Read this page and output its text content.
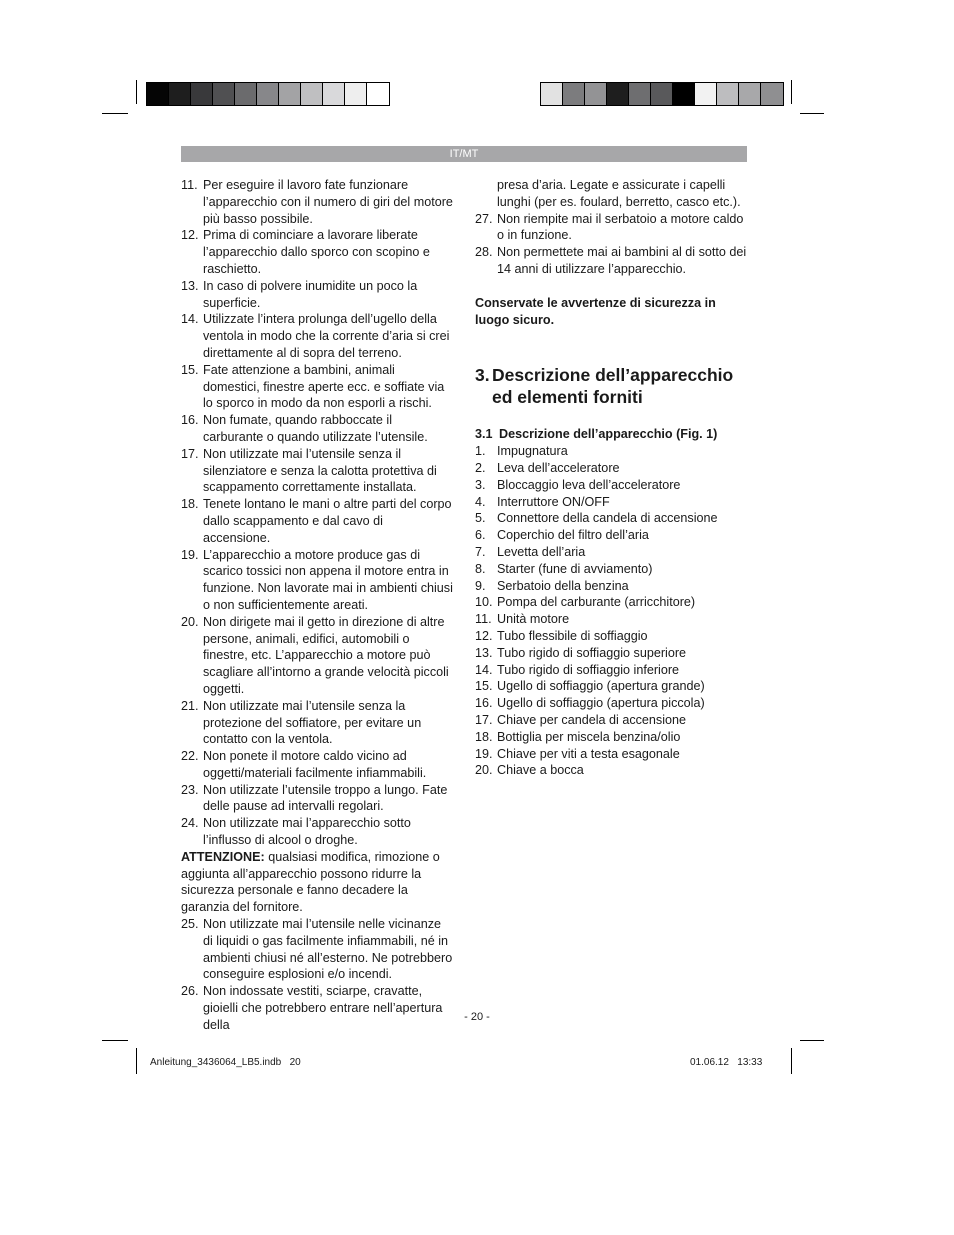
IT/MT
11. Per eseguire il lavoro fate funzionare l’apparecchio con il numero di giri del motore più basso possibile.
12. Prima di cominciare a lavorare liberate l’apparecchio dallo sporco con scopino e raschietto.
13. In caso di polvere inumidite un poco la superficie.
14. Utilizzate l’intera prolunga dell’ugello della ventola in modo che la corrente d’aria si crei direttamente al di sopra del terreno.
15. Fate attenzione a bambini, animali domestici, finestre aperte ecc. e soffiate via lo sporco in modo da non esporli a rischi.
16. Non fumate, quando rabboccate il carburante o quando utilizzate l’utensile.
17. Non utilizzate mai l’utensile senza il silenziatore e senza la calotta protettiva di scappamento correttamente installata.
18. Tenete lontano le mani o altre parti del corpo dallo scappamento e dal cavo di accensione.
19. L’apparecchio a motore produce gas di scarico tossici non appena il motore entra in funzione. Non lavorate mai in ambienti chiusi o non sufficientemente areati.
20. Non dirigete mai il getto in direzione di altre persone, animali, edifici, automobili o finestre, etc. L’apparecchio a motore può scagliare all’intorno a grande velocità piccoli oggetti.
21. Non utilizzate mai l’utensile senza la protezione del soffiatore, per evitare un contatto con la ventola.
22. Non ponete il motore caldo vicino ad oggetti/materiali facilmente infiammabili.
23. Non utilizzate l’utensile troppo a lungo. Fate delle pause ad intervalli regolari.
24. Non utilizzate mai l’apparecchio sotto l’influsso di alcool o droghe.

ATTENZIONE: qualsiasi modifica, rimozione o aggiunta all’apparecchio possono ridurre la sicurezza personale e fanno decadere la garanzia del fornitore.

25. Non utilizzate mai l’utensile nelle vicinanze di liquidi o gas facilmente infiammabili, né in ambienti chiusi né all’esterno. Ne potrebbero conseguire esplosioni e/o incendi.
26. Non indossate vestiti, sciarpe, cravatte, gioielli che potrebbero entrare nell’apertura della
presa d’aria. Legate e assicurate i capelli lunghi (per es. foulard, berretto, casco etc.).
27. Non riempite mai il serbatoio a motore caldo o in funzione.
28. Non permettete mai ai bambini al di sotto dei 14 anni di utilizzare l’apparecchio.

Conservate le avvertenze di sicurezza in luogo sicuro.

3. Descrizione dell’apparecchio ed elementi forniti
3.1 Descrizione dell’apparecchio (Fig. 1)
1. Impugnatura
2. Leva dell’acceleratore
3. Bloccaggio leva dell’acceleratore
4. Interruttore ON/OFF
5. Connettore della candela di accensione
6. Coperchio del filtro dell’aria
7. Levetta dell’aria
8. Starter (fune di avviamento)
9. Serbatoio della benzina
10. Pompa del carburante (arricchitore)
11. Unità motore
12. Tubo flessibile di soffiaggio
13. Tubo rigido di soffiaggio superiore
14. Tubo rigido di soffiaggio inferiore
15. Ugello di soffiaggio (apertura grande)
16. Ugello di soffiaggio (apertura piccola)
17. Chiave per candela di accensione
18. Bottiglia per miscela benzina/olio
19. Chiave per viti a testa esagonale
20. Chiave a bocca
- 20 -
Anleitung_3436064_LB5.indb   20	01.06.12   13:33
